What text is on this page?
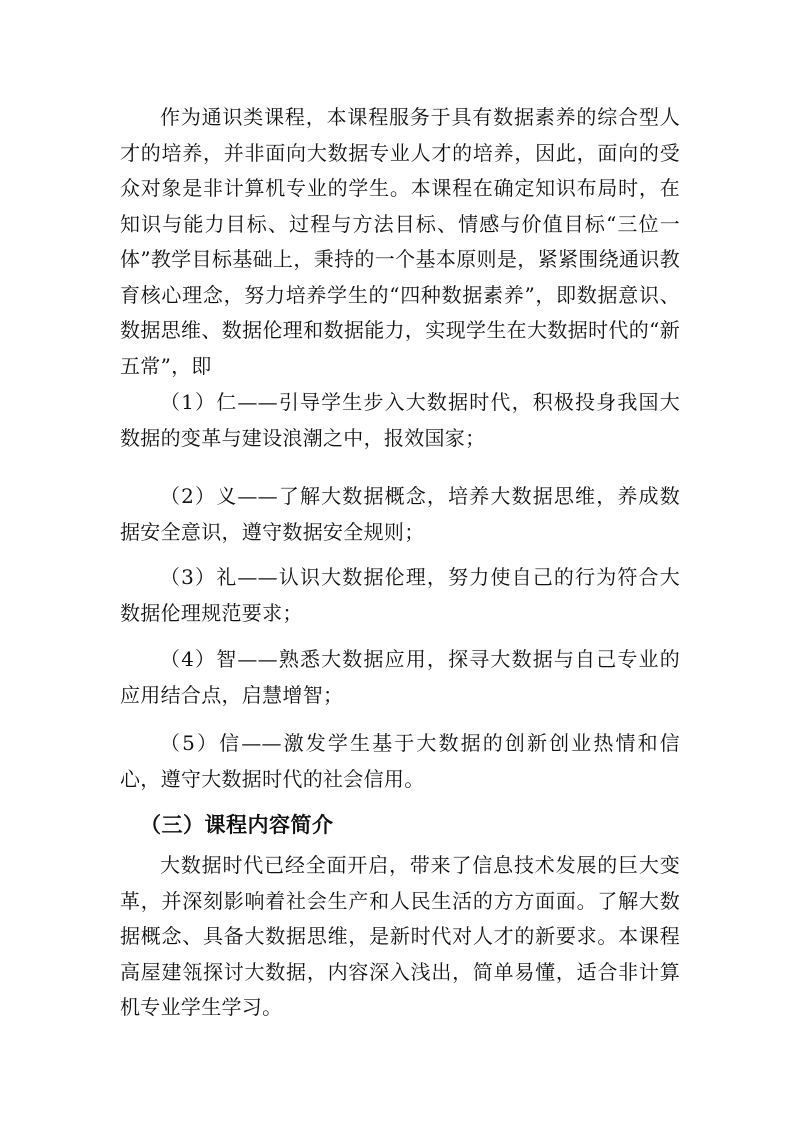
作为通识类课程，本课程服务于具有数据素养的综合型人才的培养，并非面向大数据专业人才的培养，因此，面向的受众对象是非计算机专业的学生。本课程在确定知识布局时，在知识与能力目标、过程与方法目标、情感与价值目标“三位一体”教学目标基础上，秉持的一个基本原则是，紧紧围绕通识教育核心理念，努力培养学生的“四种数据素养”，即数据意识、数据思维、数据伦理和数据能力，实现学生在大数据时代的“新五常”，即

（1）仁——引导学生步入大数据时代，积极投身我国大数据的变革与建设浪潮之中，报效国家；

（2）义——了解大数据概念，培养大数据思维，养成数据安全意识，遵守数据安全规则；

（3）礼——认识大数据伦理，努力使自己的行为符合大数据伦理规范要求；

（4）智——熟悉大数据应用，探寻大数据与自己专业的应用结合点，启慧增智；

（5）信——激发学生基于大数据的创新创业热情和信心，遵守大数据时代的社会信用。

（三）课程内容简介

大数据时代已经全面开启，带来了信息技术发展的巨大变革，并深刻影响着社会生产和人民生活的方方面面。了解大数据概念、具备大数据思维，是新时代对人才的新要求。本课程高屋建瓴探讨大数据，内容深入浅出，简单易懂，适合非计算机专业学生学习。
